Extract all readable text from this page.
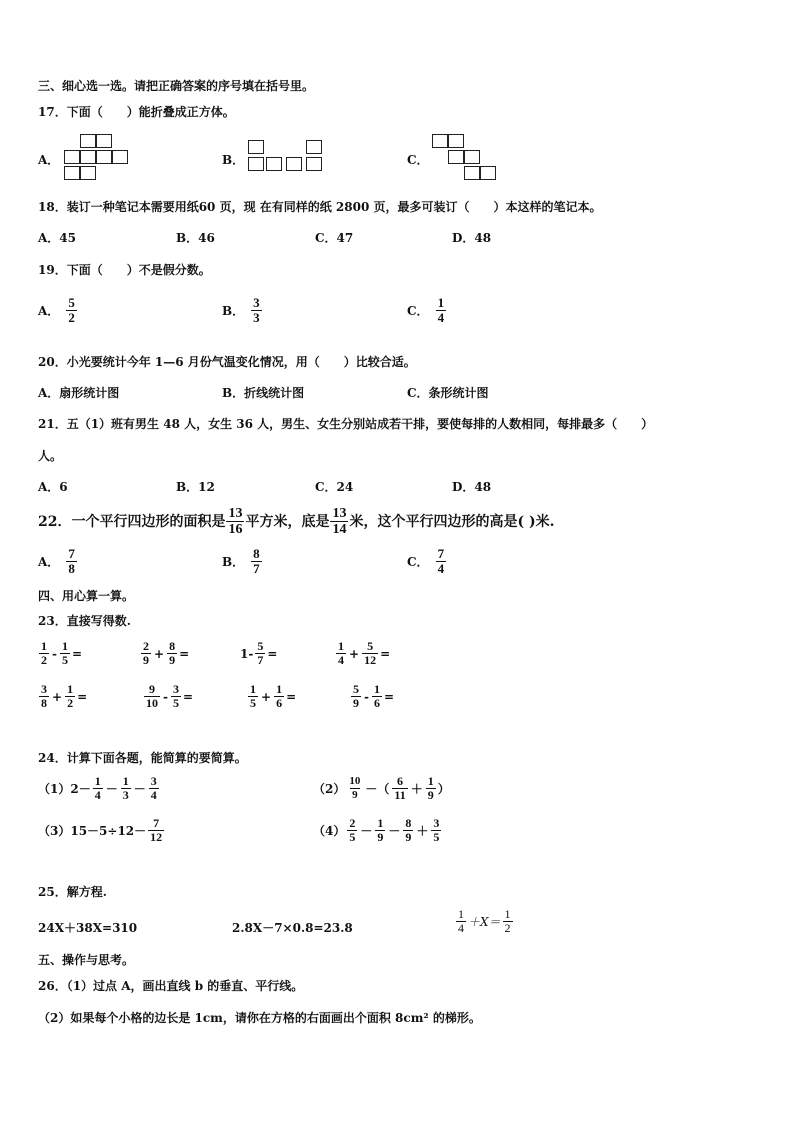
三、细心选一选。请把正确答案的序号填在括号里。
17．下面（　　）能折叠成正方体。
A．	B．	C．
18．装订一种笔记本需要用纸60 页，现 在有同样的纸 2800 页，最多可装订（　　）本这样的笔记本。
A．45	B．46	C．47	D．48
19．下面（　　）不是假分数。
A． $\frac{5}{2}$	B． $\frac{3}{3}$	C． $\frac{1}{4}$
20．小光要统计今年 1—6 月份气温变化情况，用（　　）比较合适。
A．扇形统计图	B．折线统计图	C．条形统计图
21．五（1）班有男生 48 人，女生 36 人，男生、女生分别站成若干排，要使每排的人数相同，每排最多（　　）
人。
A．6	B．12	C．24	D．48
22．一个平行四边形的面积是 $\frac{13}{16}$ 平方米，底是 $\frac{13}{14}$ 米，这个平行四边形的高是( )米.
A． $\frac{7}{8}$	B． $\frac{8}{7}$	C． $\frac{7}{4}$
四、用心算一算。
23．直接写得数.
$\frac{1}{2} - \frac{1}{5}$ =	$\frac{2}{9} + \frac{8}{9}$ =	$1- \frac{5}{7}$ =	$\frac{1}{4} + \frac{5}{12}$ =
$\frac{3}{8} + \frac{1}{2}$ =	$\frac{9}{10} - \frac{3}{5}$ =	$\frac{1}{5} + \frac{1}{6}$ =	$\frac{5}{9} - \frac{1}{6}$ =
24．计算下面各题，能简算的要简算。
$(1)2- \frac{1}{4} - \frac{1}{3} - \frac{3}{4}$	$(2) \frac{10}{9}$ －（ $\frac{6}{11} + \frac{1}{9}$ ）
$(3)15-5\div 12- \frac{7}{12}$	$(4) \frac{2}{5} - \frac{1}{9} - \frac{8}{9} + \frac{3}{5}$
25．解方程.
24X＋38X=310	2.8X－7×0.8=23.8	$\frac{1}{4} +X= \frac{1}{2}$
五、操作与思考。
26．（1）过点 A，画出直线 b 的垂直、平行线。
（2）如果每个小格的边长是 1cm，请你在方格的右面画出个面积 8cm² 的梯形。
